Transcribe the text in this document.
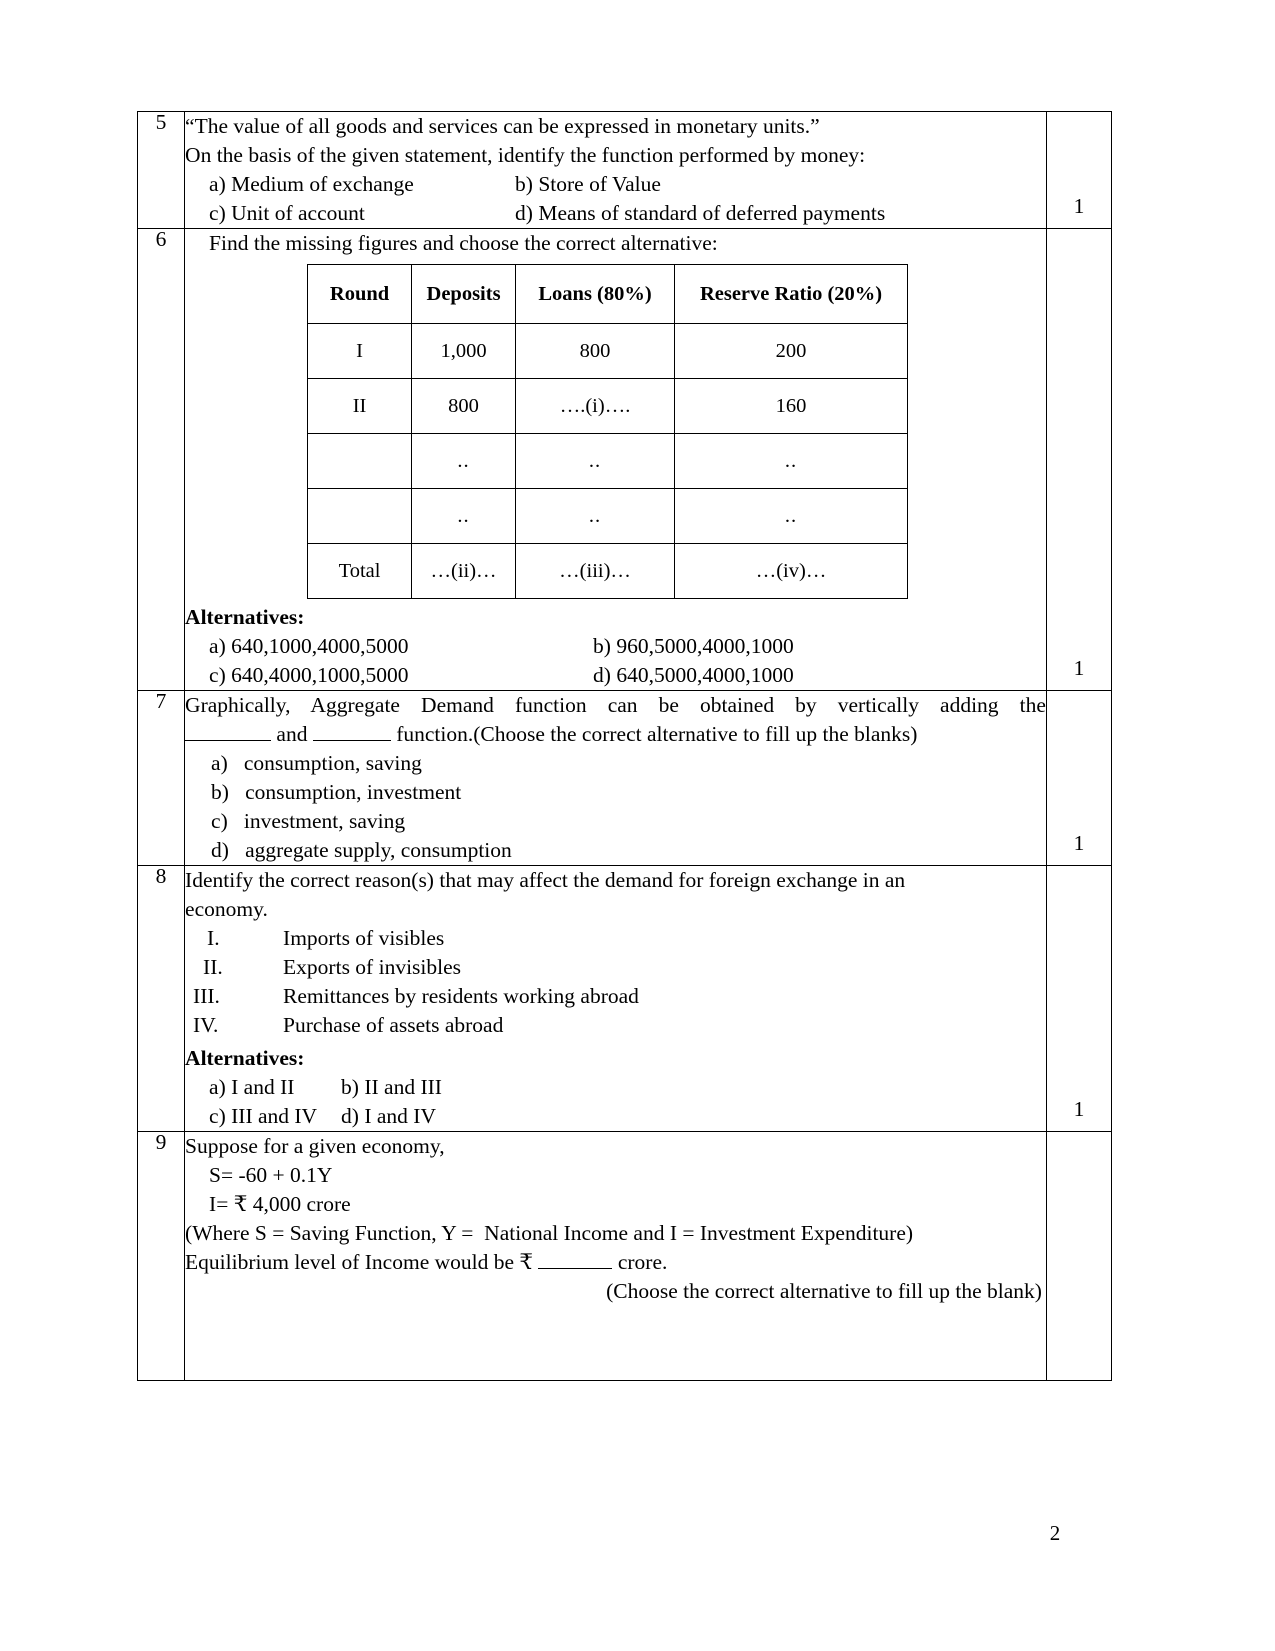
5	“The value of all goods and services can be expressed in monetary units.”
On the basis of the given statement, identify the function performed by money:
a) Medium of exchange	b) Store of Value
c) Unit of account	d) Means of standard of deferred payments	1

6	Find the missing figures and choose the correct alternative:
Round	Deposits	Loans (80%)	Reserve Ratio (20%)
I	1,000	800	200
II	800	….(i)….	160
	..	..	..
	..	..	..
Total	…(ii)…	…(iii)…	…(iv)…
Alternatives:
a) 640,1000,4000,5000	b) 960,5000,4000,1000
c) 640,4000,1000,5000	d) 640,5000,4000,1000	1

7	Graphically, Aggregate Demand function can be obtained by vertically adding the
and	function.(Choose the correct alternative to fill up the blanks)
a)   consumption, saving
b)   consumption, investment
c)   investment, saving
d)   aggregate supply, consumption	1

8	Identify the correct reason(s) that may affect the demand for foreign exchange in an
economy.
I.	Imports of visibles
II.	Exports of invisibles
III.	Remittances by residents working abroad
IV.	Purchase of assets abroad
Alternatives:
a) I and II b) II and III
c) III and IV d) I and IV	1

9	Suppose for a given economy,
S= -60 + 0.1Y
I= ₹ 4,000 crore
(Where S = Saving Function, Y =  National Income and I = Investment Expenditure)
Equilibrium level of Income would be ₹	crore.
(Choose the correct alternative to fill up the blank)

2
